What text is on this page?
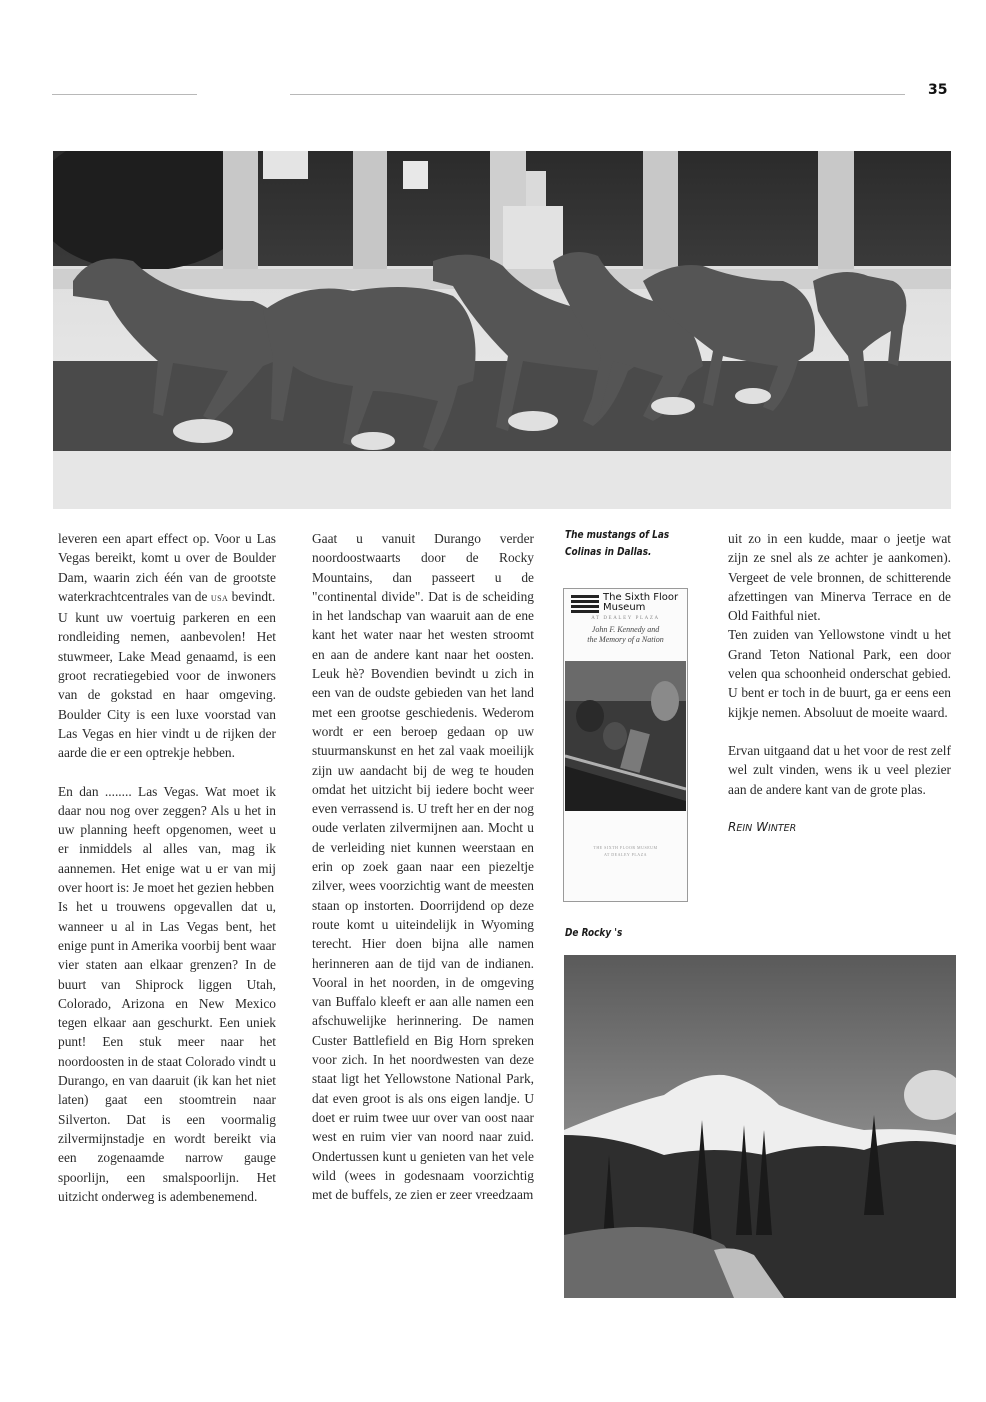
35

leveren een apart effect op. Voor u Las Vegas bereikt, komt u over de Boulder Dam, waarin zich één van de grootste waterkrachtcentrales van de usa bevindt.

U kunt uw voertuig parkeren en een rondleiding nemen, aanbevolen! Het stuwmeer, Lake Mead genaamd, is een groot recratiegebied voor de inwoners van de gokstad en haar omgeving. Boulder City is een luxe voorstad van Las Vegas en hier vindt u de rijken der aarde die er een optrekje hebben.

En dan ........ Las Vegas. Wat moet ik daar nou nog over zeggen? Als u het in uw planning heeft opgenomen, weet u er inmiddels al alles van, mag ik aannemen. Het enige wat u er van mij over hoort is: Je moet het gezien hebben

Is het u trouwens opgevallen dat u, wanneer u al in Las Vegas bent, het enige punt in Amerika voorbij bent waar vier staten aan elkaar grenzen? In de buurt van Shiprock liggen Utah, Colorado, Arizona en New Mexico tegen elkaar aan geschurkt. Een uniek punt! Een stuk meer naar het noordoosten in de staat Colorado vindt u Durango, en van daaruit (ik kan het niet laten) gaat een stoomtrein naar Silverton. Dat is een voormalig zilvermijnstadje en wordt bereikt via een zogenaamde narrow gauge spoorlijn, een smalspoorlijn. Het uitzicht onderweg is adembenemend.

Gaat u vanuit Durango verder noordoostwaarts door de Rocky Mountains, dan passeert u de "continental divide". Dat is de scheiding in het landschap van waaruit aan de ene kant het water naar het westen stroomt en aan de andere kant naar het oosten. Leuk hè? Bovendien bevindt u zich in een van de oudste gebieden van het land met een grootse geschiedenis. Wederom wordt er een beroep gedaan op uw stuurmanskunst en het zal vaak moeilijk zijn uw aandacht bij de weg te houden omdat het uitzicht bij iedere bocht weer even verrassend is. U treft her en der nog oude verlaten zilvermijnen aan. Mocht u de verleiding niet kunnen weerstaan en erin op zoek gaan naar een piezeltje zilver, wees voorzichtig want de meesten staan op instorten. Doorrijdend op deze route komt u uiteindelijk in Wyoming terecht. Hier doen bijna alle namen herinneren aan de tijd van de indianen. Vooral in het noorden, in de omgeving van Buffalo kleeft er aan alle namen een afschuwelijke herinnering. De namen Custer Battlefield en Big Horn spreken voor zich. In het noordwesten van deze staat ligt het Yellowstone National Park, dat even groot is als ons eigen landje. U doet er ruim twee uur over van oost naar west en ruim vier van noord naar zuid. Ondertussen kunt u genieten van het vele wild (wees in godesnaam voorzichtig met de buffels, ze zien er zeer vreedzaam

The mustangs of Las Colinas in Dallas.
The Sixth Floor
Museum
AT DEALEY PLAZA
John F. Kennedy and
the Memory of a Nation
THE SIXTH FLOOR MUSEUM
AT DEALEY PLAZA
De Rocky 's

uit zo in een kudde, maar o jeetje wat zijn ze snel als ze achter je aankomen). Vergeet de vele bronnen, de schitterende afzettingen van Minerva Terrace en de Old Faithful niet.

Ten zuiden van Yellowstone vindt u het Grand Teton National Park, een door velen qua schoonheid onderschat gebied. U bent er toch in de buurt, ga er eens een kijkje nemen. Absoluut de moeite waard.

Ervan uitgaand dat u het voor de rest zelf wel zult vinden, wens ik u veel plezier aan de andere kant van de grote plas.

REIN WINTER
